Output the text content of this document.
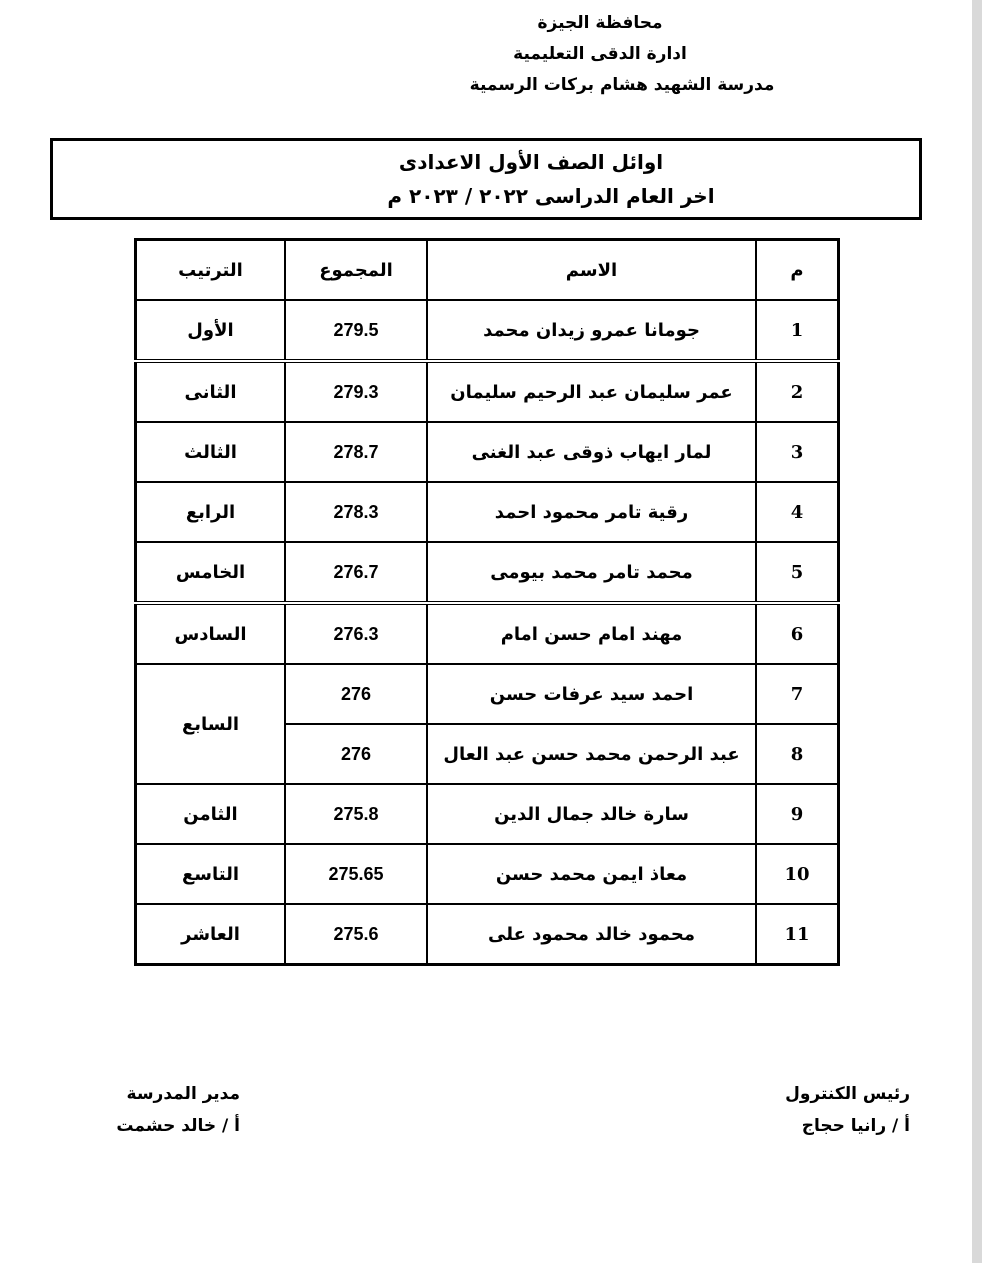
محافظة الجيزة
ادارة الدقى التعليمية
مدرسة الشهيد هشام بركات الرسمية
اوائل الصف الأول الاعدادى
اخر العام الدراسى ٢٠٢٢ / ٢٠٢٣ م
م	الاسم	المجموع	الترتيب
1	جومانا عمرو زيدان محمد	279.5	الأول
2	عمر سليمان عبد الرحيم سليمان	279.3	الثانى
3	لمار ايهاب ذوقى عبد الغنى	278.7	الثالث
4	رقية تامر محمود احمد	278.3	الرابع
5	محمد تامر محمد بيومى	276.7	الخامس
6	مهند امام حسن امام	276.3	السادس
7	احمد سيد عرفات حسن	276	السابع
8	عبد الرحمن محمد حسن عبد العال	276	
9	سارة خالد جمال الدين	275.8	الثامن
10	معاذ ايمن محمد حسن	275.65	التاسع
11	محمود خالد محمود على	275.6	العاشر
مدير المدرسة
أ / خالد حشمت
رئيس الكنترول
أ / رانيا حجاج
